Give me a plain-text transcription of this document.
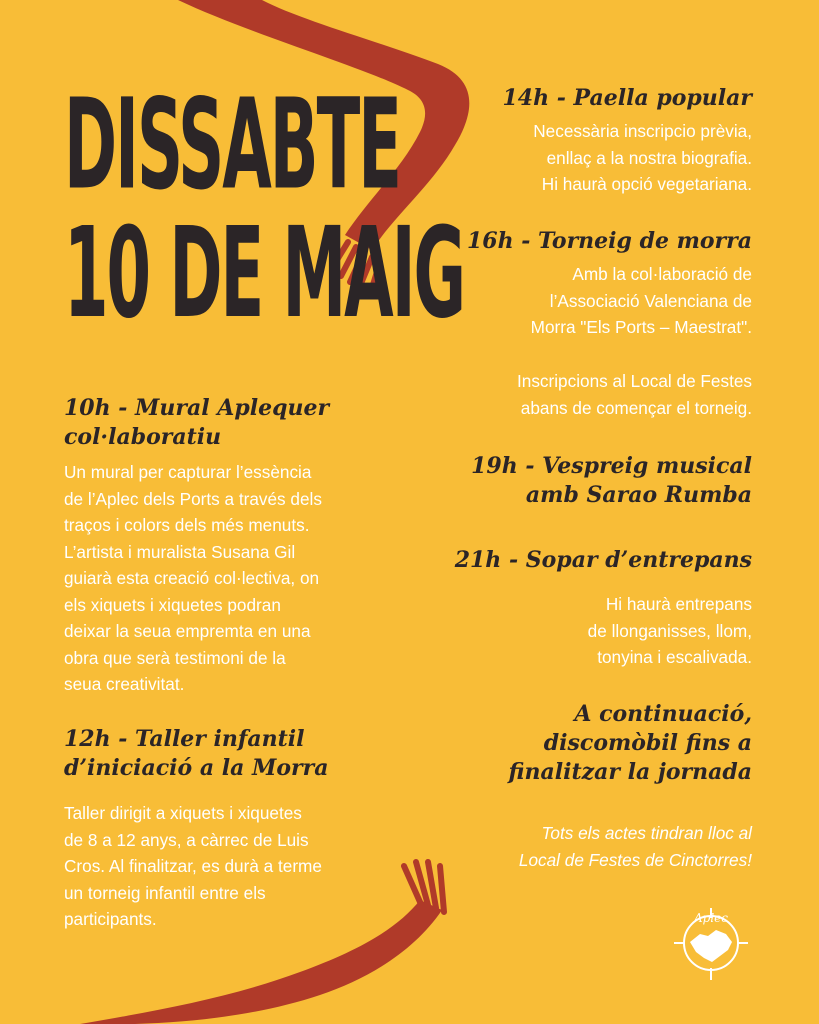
DISSABTE
10 DE MAIG
10h - Mural Aplequer
col·laboratiu

Un mural per capturar l’essència
de l’Aplec dels Ports a través dels
traços i colors dels més menuts.
L’artista i muralista Susana Gil
guiarà esta creació col·lectiva, on
els xiquets i xiquetes podran
deixar la seua empremta en una
obra que serà testimoni de la
seua creativitat.

12h - Taller infantil
d’iniciació a la Morra

Taller dirigit a xiquets i xiquetes
de 8 a 12 anys, a càrrec de Luis
Cros. Al finalitzar, es durà a terme
un torneig infantil entre els
participants.

14h - Paella popular

Necessària inscripcio prèvia,
enllaç a la nostra biografia.
Hi haurà opció vegetariana.

16h - Torneig de morra

Amb la col·laboració de
l’Associació Valenciana de
Morra "Els Ports – Maestrat".

Inscripcions al Local de Festes
abans de començar el torneig.

19h - Vespreig musical
amb Sarao Rumba
21h - Sopar d’entrepans

Hi haurà entrepans
de llonganisses, llom,
tonyina i escalivada.

A continuació,
discomòbil fins a
finalitzar la jornada

Tots els actes tindran lloc al
Local de Festes de Cinctorres!

Aplec
